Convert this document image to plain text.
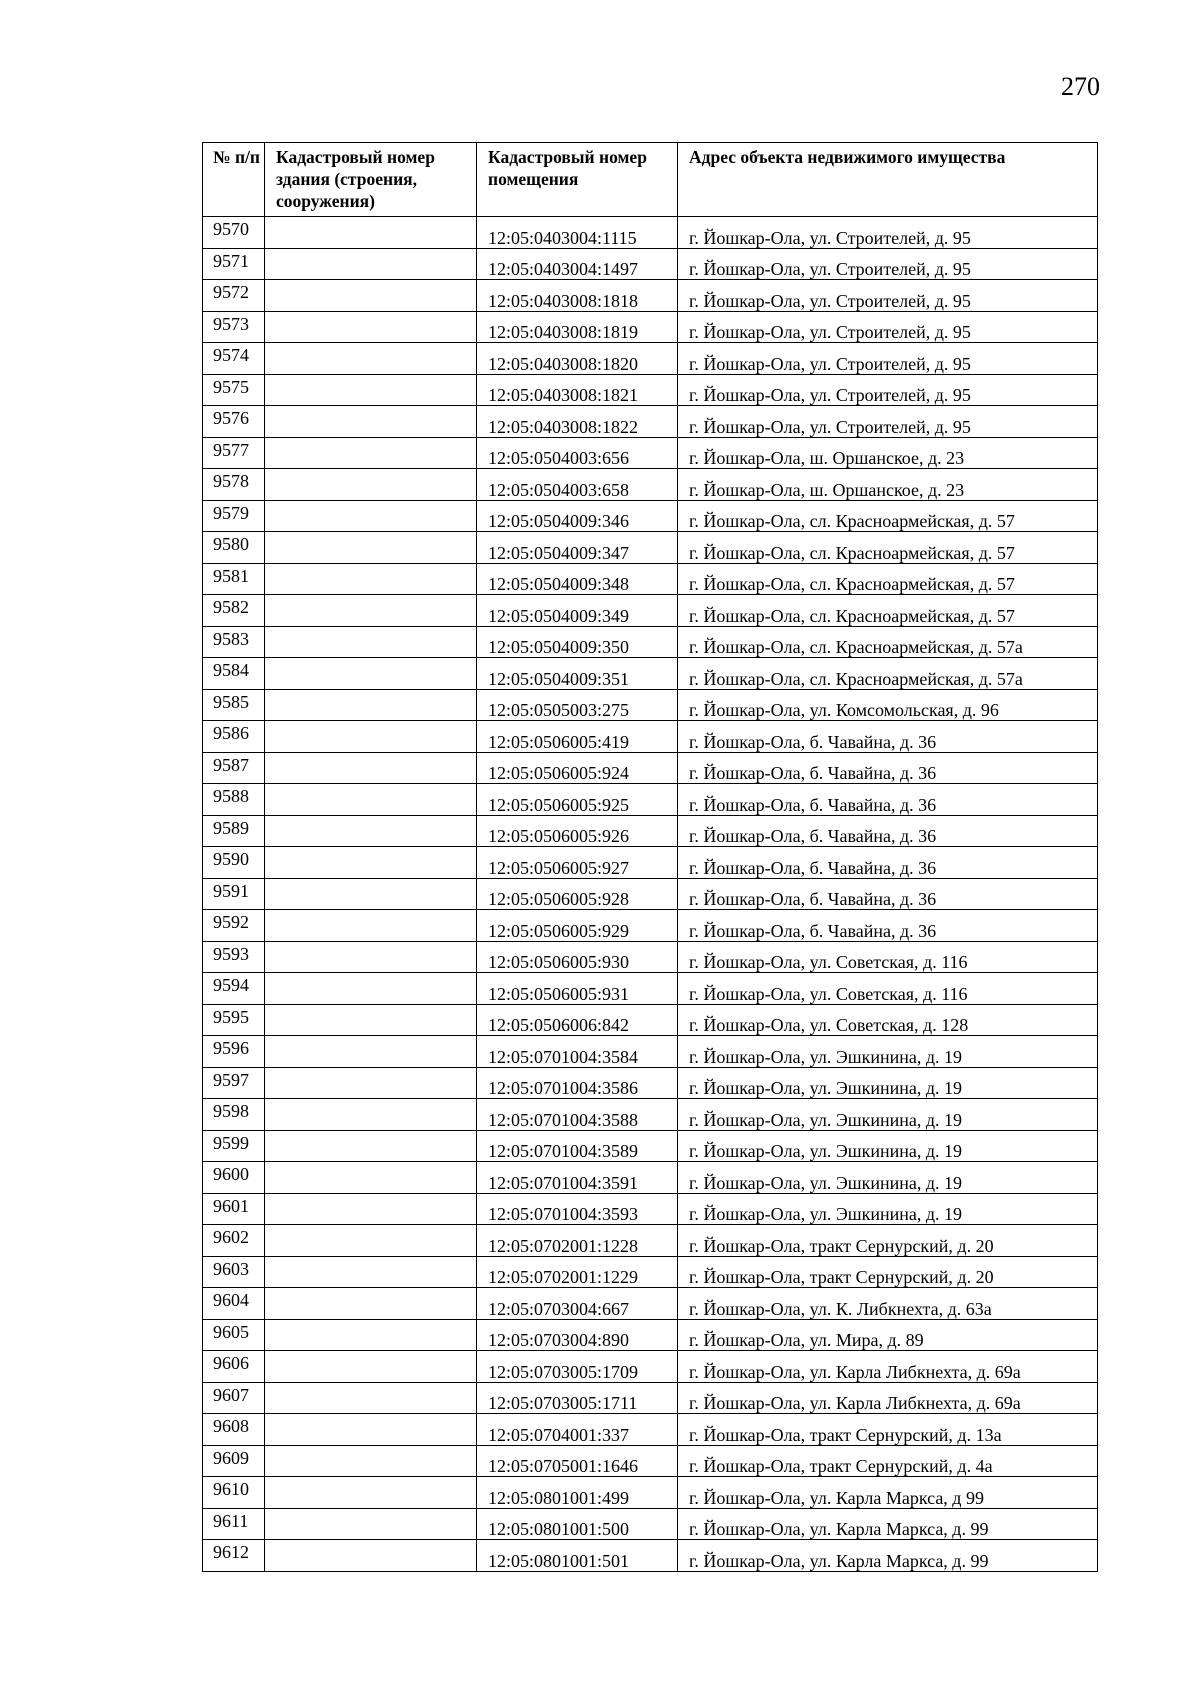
270
№ п/п	Кадастровый номер здания (строения, сооружения)	Кадастровый номер помещения	Адрес объекта недвижимого имущества
9570		12:05:0403004:1115	г. Йошкар-Ола, ул. Строителей, д. 95
9571		12:05:0403004:1497	г. Йошкар-Ола, ул. Строителей, д. 95
9572		12:05:0403008:1818	г. Йошкар-Ола, ул. Строителей, д. 95
9573		12:05:0403008:1819	г. Йошкар-Ола, ул. Строителей, д. 95
9574		12:05:0403008:1820	г. Йошкар-Ола, ул. Строителей, д. 95
9575		12:05:0403008:1821	г. Йошкар-Ола, ул. Строителей, д. 95
9576		12:05:0403008:1822	г. Йошкар-Ола, ул. Строителей, д. 95
9577		12:05:0504003:656	г. Йошкар-Ола, ш. Оршанское, д. 23
9578		12:05:0504003:658	г. Йошкар-Ола, ш. Оршанское, д. 23
9579		12:05:0504009:346	г. Йошкар-Ола, сл. Красноармейская, д. 57
9580		12:05:0504009:347	г. Йошкар-Ола, сл. Красноармейская, д. 57
9581		12:05:0504009:348	г. Йошкар-Ола, сл. Красноармейская, д. 57
9582		12:05:0504009:349	г. Йошкар-Ола, сл. Красноармейская, д. 57
9583		12:05:0504009:350	г. Йошкар-Ола, сл. Красноармейская, д. 57а
9584		12:05:0504009:351	г. Йошкар-Ола, сл. Красноармейская, д. 57а
9585		12:05:0505003:275	г. Йошкар-Ола, ул. Комсомольская, д. 96
9586		12:05:0506005:419	г. Йошкар-Ола, б. Чавайна, д. 36
9587		12:05:0506005:924	г. Йошкар-Ола, б. Чавайна, д. 36
9588		12:05:0506005:925	г. Йошкар-Ола, б. Чавайна, д. 36
9589		12:05:0506005:926	г. Йошкар-Ола, б. Чавайна, д. 36
9590		12:05:0506005:927	г. Йошкар-Ола, б. Чавайна, д. 36
9591		12:05:0506005:928	г. Йошкар-Ола, б. Чавайна, д. 36
9592		12:05:0506005:929	г. Йошкар-Ола, б. Чавайна, д. 36
9593		12:05:0506005:930	г. Йошкар-Ола, ул. Советская, д. 116
9594		12:05:0506005:931	г. Йошкар-Ола, ул. Советская, д. 116
9595		12:05:0506006:842	г. Йошкар-Ола, ул. Советская, д. 128
9596		12:05:0701004:3584	г. Йошкар-Ола, ул. Эшкинина, д. 19
9597		12:05:0701004:3586	г. Йошкар-Ола, ул. Эшкинина, д. 19
9598		12:05:0701004:3588	г. Йошкар-Ола, ул. Эшкинина, д. 19
9599		12:05:0701004:3589	г. Йошкар-Ола, ул. Эшкинина, д. 19
9600		12:05:0701004:3591	г. Йошкар-Ола, ул. Эшкинина, д. 19
9601		12:05:0701004:3593	г. Йошкар-Ола, ул. Эшкинина, д. 19
9602		12:05:0702001:1228	г. Йошкар-Ола, тракт Сернурский, д. 20
9603		12:05:0702001:1229	г. Йошкар-Ола, тракт Сернурский, д. 20
9604		12:05:0703004:667	г. Йошкар-Ола, ул. К. Либкнехта, д. 63а
9605		12:05:0703004:890	г. Йошкар-Ола, ул. Мира, д. 89
9606		12:05:0703005:1709	г. Йошкар-Ола, ул. Карла Либкнехта, д. 69а
9607		12:05:0703005:1711	г. Йошкар-Ола, ул. Карла Либкнехта, д. 69а
9608		12:05:0704001:337	г. Йошкар-Ола, тракт Сернурский, д. 13а
9609		12:05:0705001:1646	г. Йошкар-Ола, тракт Сернурский, д. 4а
9610		12:05:0801001:499	г. Йошкар-Ола, ул. Карла Маркса, д 99
9611		12:05:0801001:500	г. Йошкар-Ола, ул. Карла Маркса, д. 99
9612		12:05:0801001:501	г. Йошкар-Ола, ул. Карла Маркса, д. 99
